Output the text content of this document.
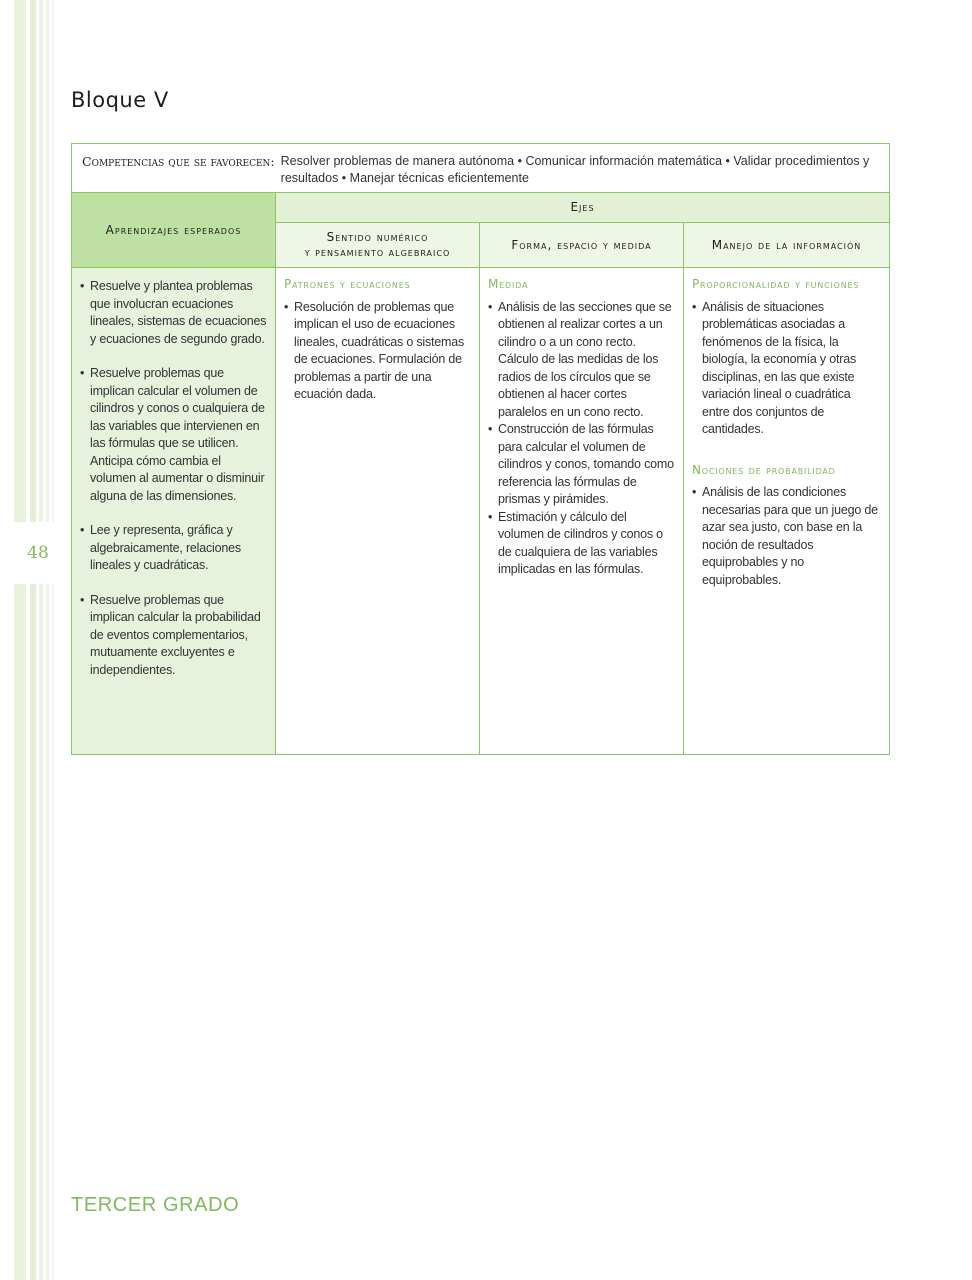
48
Bloque V
Competencias que se favorecen: Resolver problemas de manera autónoma • Comunicar información matemática • Validar procedimientos y resultados • Manejar técnicas eficientemente
Aprendizajes esperados
Ejes
Sentido numérico
y pensamiento algebraico
Forma, espacio y medida	Manejo de la información
• Resuelve y plantea problemas que involucran ecuaciones lineales, sistemas de ecuaciones y ecuaciones de segundo grado.
• Resuelve problemas que implican calcular el volumen de cilindros y conos o cualquiera de las variables que intervienen en las fórmulas que se utilicen. Anticipa cómo cambia el volumen al aumentar o disminuir alguna de las dimensiones.
• Lee y representa, gráfica y algebraicamente, relaciones lineales y cuadráticas.
• Resuelve problemas que implican calcular la probabilidad de eventos complementarios, mutuamente excluyentes e independientes.
Patrones y ecuaciones
• Resolución de problemas que implican el uso de ecuaciones lineales, cuadráticas o sistemas de ecuaciones. Formulación de problemas a partir de una ecuación dada.
Medida
• Análisis de las secciones que se obtienen al realizar cortes a un cilindro o a un cono recto. Cálculo de las medidas de los radios de los círculos que se obtienen al hacer cortes paralelos en un cono recto.
• Construcción de las fórmulas para calcular el volumen de cilindros y conos, tomando como referencia las fórmulas de prismas y pirámides.
• Estimación y cálculo del volumen de cilindros y conos o de cualquiera de las variables implicadas en las fórmulas.
Proporcionalidad y funciones
• Análisis de situaciones problemáticas asociadas a fenómenos de la física, la biología, la economía y otras disciplinas, en las que existe variación lineal o cuadrática entre dos conjuntos de cantidades.
Nociones de probabilidad
• Análisis de las condiciones necesarias para que un juego de azar sea justo, con base en la noción de resultados equiprobables y no equiprobables.
TERCER GRADO
